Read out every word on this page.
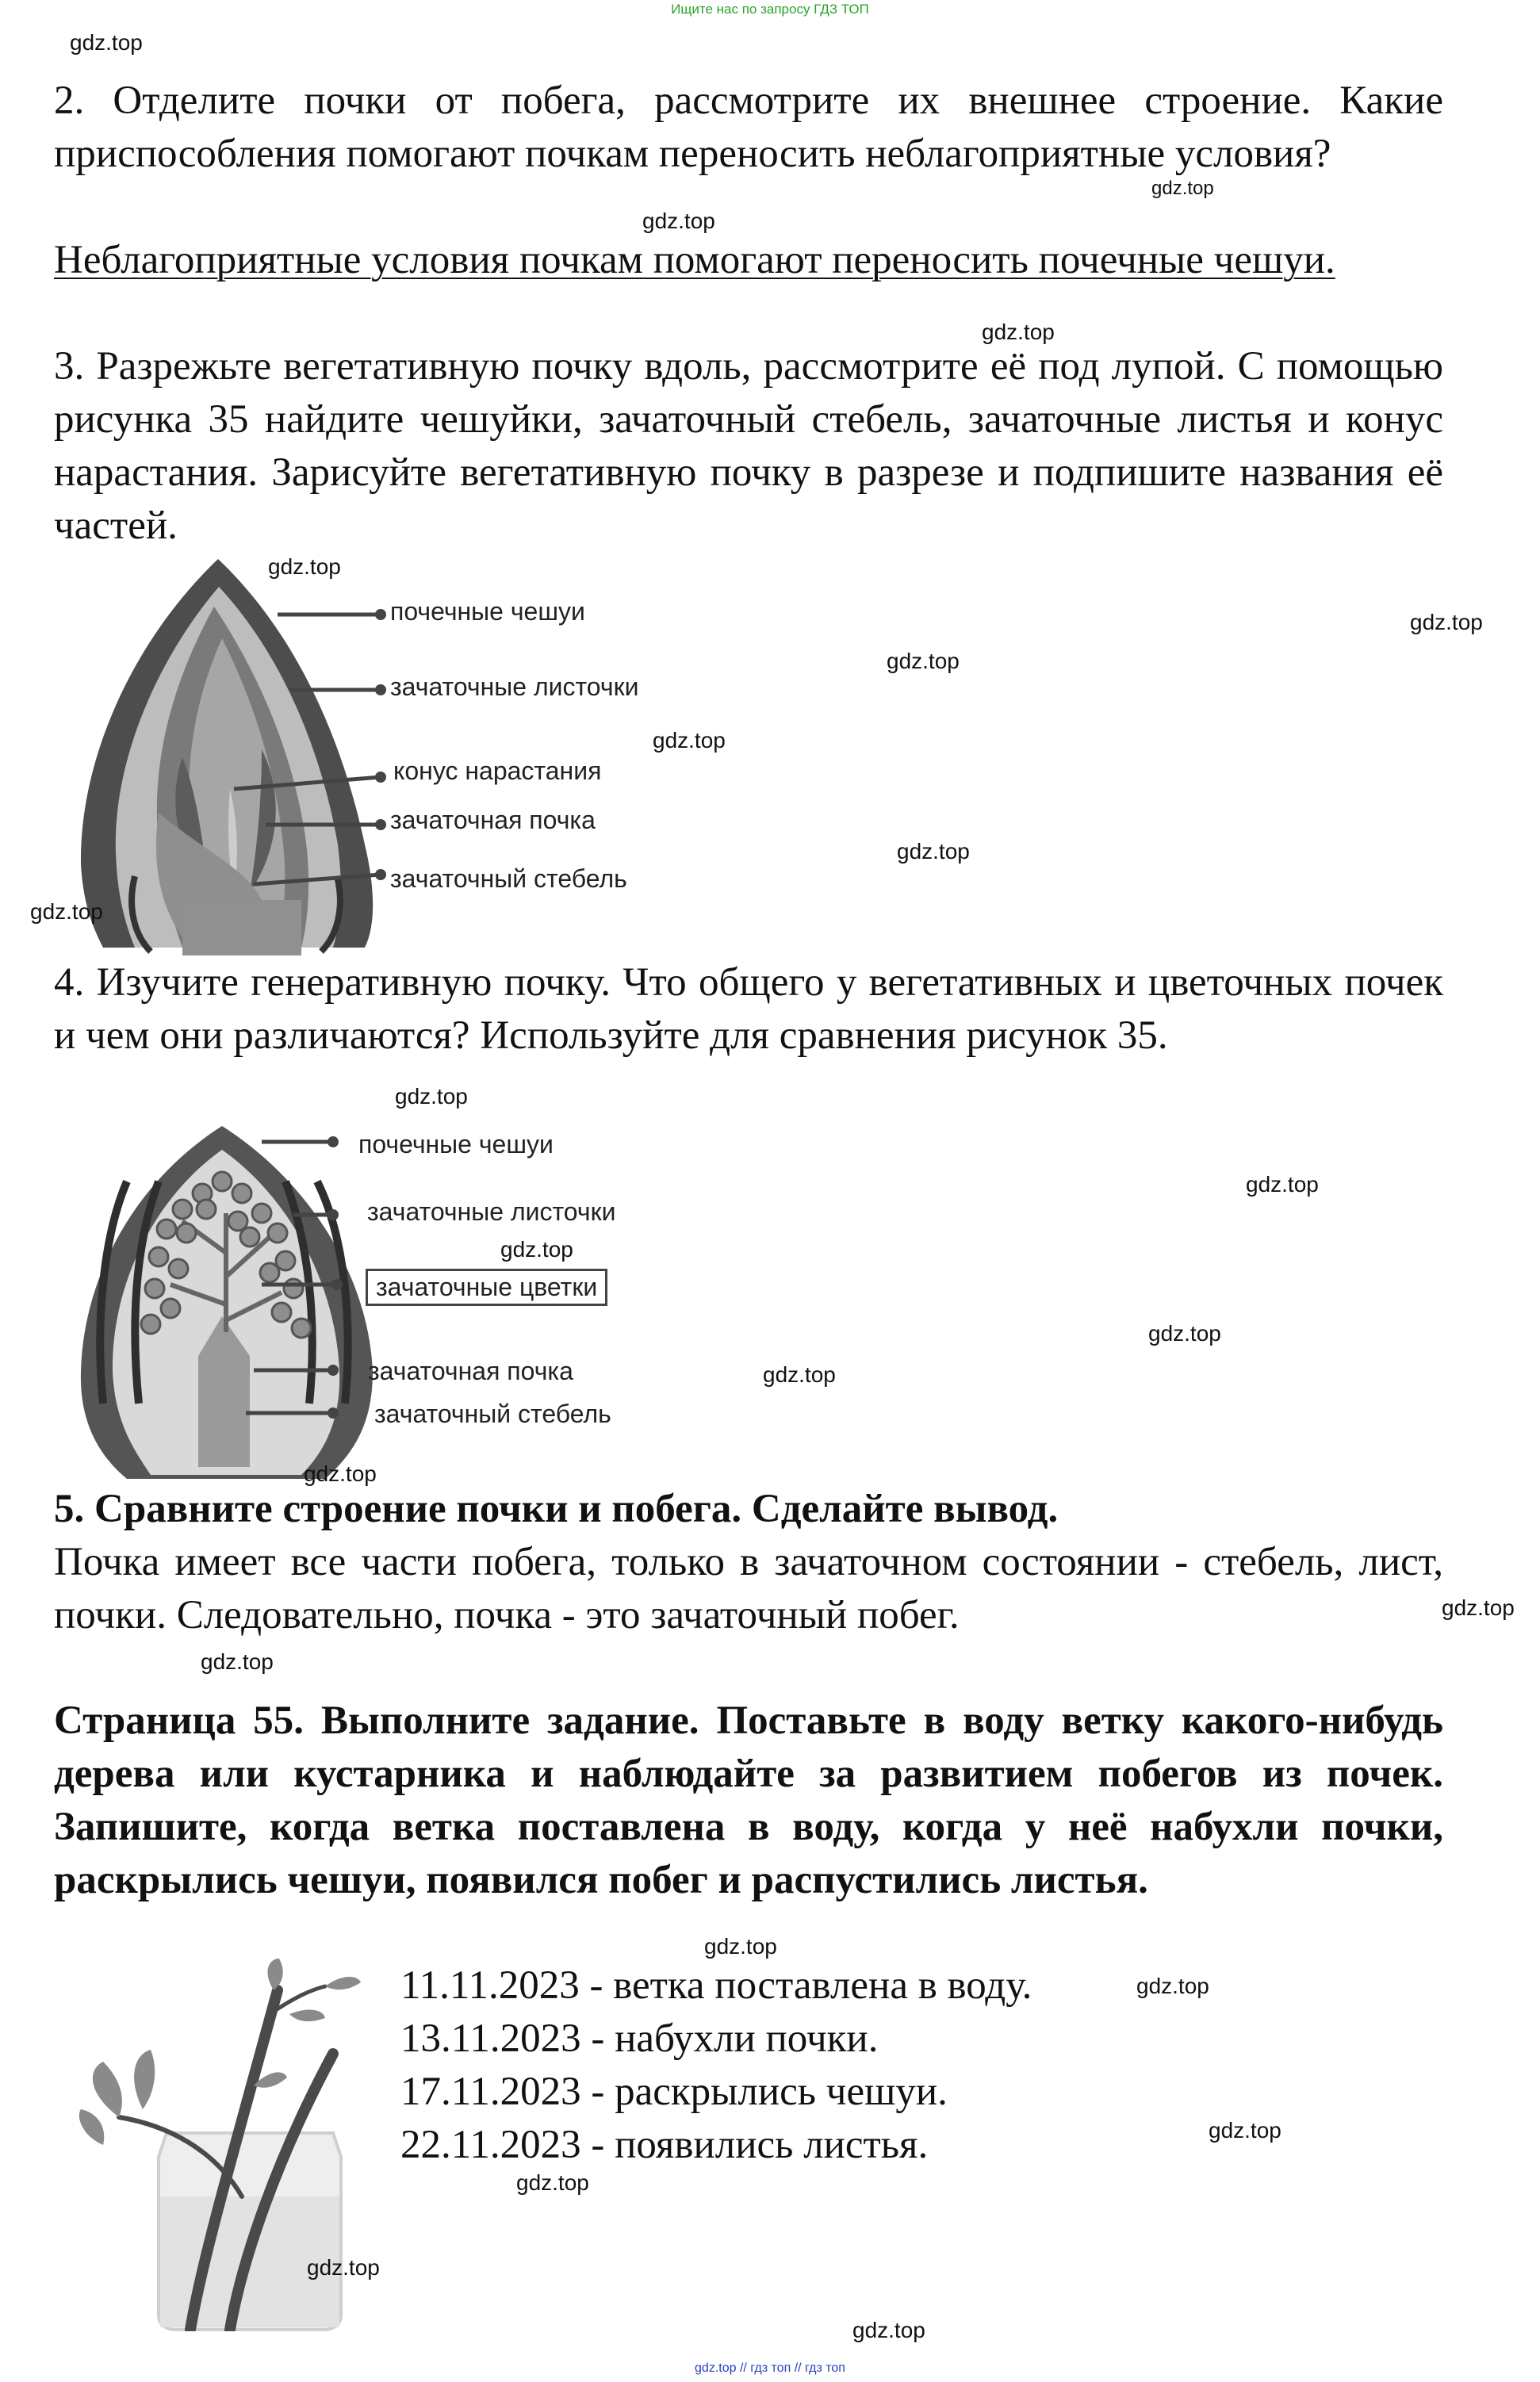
Ищите нас по запросу ГДЗ ТОП
2. Отделите почки от побега, рассмотрите их внешнее строение. Какие приспособления помогают почкам переносить неблагоприятные условия?
Неблагоприятные условия почкам помогают переносить почечные чешуи.
3. Разрежьте вегетативную почку вдоль, рассмотрите её под лупой. С помощью рисунка 35 найдите чешуйки, зачаточный стебель, зачаточные листья и конус нарастания. Зарисуйте вегетативную почку в разрезе и подпишите названия её частей.
почечные чешуи
зачаточные листочки
конус нарастания
зачаточная почка
зачаточный стебель
4. Изучите генеративную почку. Что общего у вегетативных и цветочных почек и чем они различаются? Используйте для сравнения рисунок 35.
почечные чешуи
зачаточные листочки
зачаточные цветки
зачаточная почка
зачаточный стебель
5. Сравните строение почки и побега. Сделайте вывод.
Почка имеет все части побега, только в зачаточном состоянии - стебель, лист, почки. Следовательно, почка - это зачаточный побег.
Страница 55. Выполните задание. Поставьте в воду ветку какого-нибудь дерева или кустарника и наблюдайте за развитием побегов из почек. Запишите, когда ветка поставлена в воду, когда у неё набухли почки, раскрылись чешуи, появился побег и распустились листья.
11.11.2023 - ветка поставлена в воду.
13.11.2023 - набухли почки.
17.11.2023 - раскрылись чешуи.
22.11.2023 - появились листья.
gdz.top
gdz.top
gdz.top
gdz.top
gdz.top
gdz.top
gdz.top
gdz.top
gdz.top
gdz.top
gdz.top
gdz.top
gdz.top
gdz.top
gdz.top
gdz.top
gdz.top
gdz.top
gdz.top
gdz.top
gdz.top
gdz.top
gdz.top
gdz.top
gdz.top // гдз топ // гдз топ
